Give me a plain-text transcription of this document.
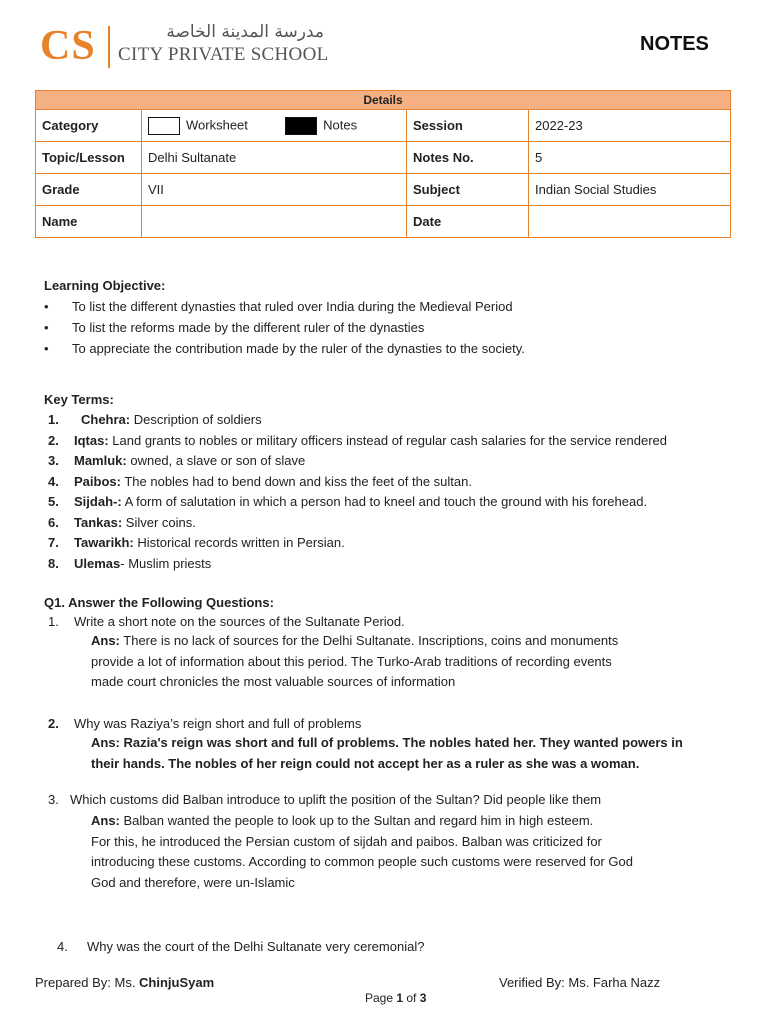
CS	مدرسة المدينة الخاصة
CITY PRIVATE SCHOOL	NOTES
Details			
Category	Worksheet Notes	Session	2022-23
Topic/Lesson	Delhi Sultanate	Notes No.	5
Grade	VII	Subject	Indian Social Studies
Name		Date	
Learning Objective:
• To list the different dynasties that ruled over India during the Medieval Period
• To list the reforms made by the different ruler of the dynasties
• To appreciate the contribution made by the ruler of the dynasties to the society.
Key Terms:
1. Chehra: Description of soldiers
2. Iqtas: Land grants to nobles or military officers instead of regular cash salaries for the service rendered
3. Mamluk: owned, a slave or son of slave
4. Paibos: The nobles had to bend down and kiss the feet of the sultan.
5. Sijdah-: A form of salutation in which a person had to kneel and touch the ground with his forehead.
6. Tankas: Silver coins.
7. Tawarikh: Historical records written in Persian.
8. Ulemas- Muslim priests
Q1. Answer the Following Questions:
1. Write a short note on the sources of the Sultanate Period.
Ans: There is no lack of sources for the Delhi Sultanate. Inscriptions, coins and monuments
provide a lot of information about this period. The Turko-Arab traditions of recording events
made court chronicles the most valuable sources of information
2. Why was Raziya’s reign short and full of problems
Ans: Razia's reign was short and full of problems. The nobles hated her. They wanted powers in
their hands. The nobles of her reign could not accept her as a ruler as she was a woman.
3. Which customs did Balban introduce to uplift the position of the Sultan? Did people like them
Ans: Balban wanted the people to look up to the Sultan and regard him in high esteem.
For this, he introduced the Persian custom of sijdah and paibos. Balban was criticized for
introducing these customs. According to common people such customs were reserved for God
God and therefore, were un-Islamic
4. Why was the court of the Delhi Sultanate very ceremonial?
Prepared By: Ms. ChinjuSyam	Verified By: Ms. Farha Nazz
Page 1 of 3
